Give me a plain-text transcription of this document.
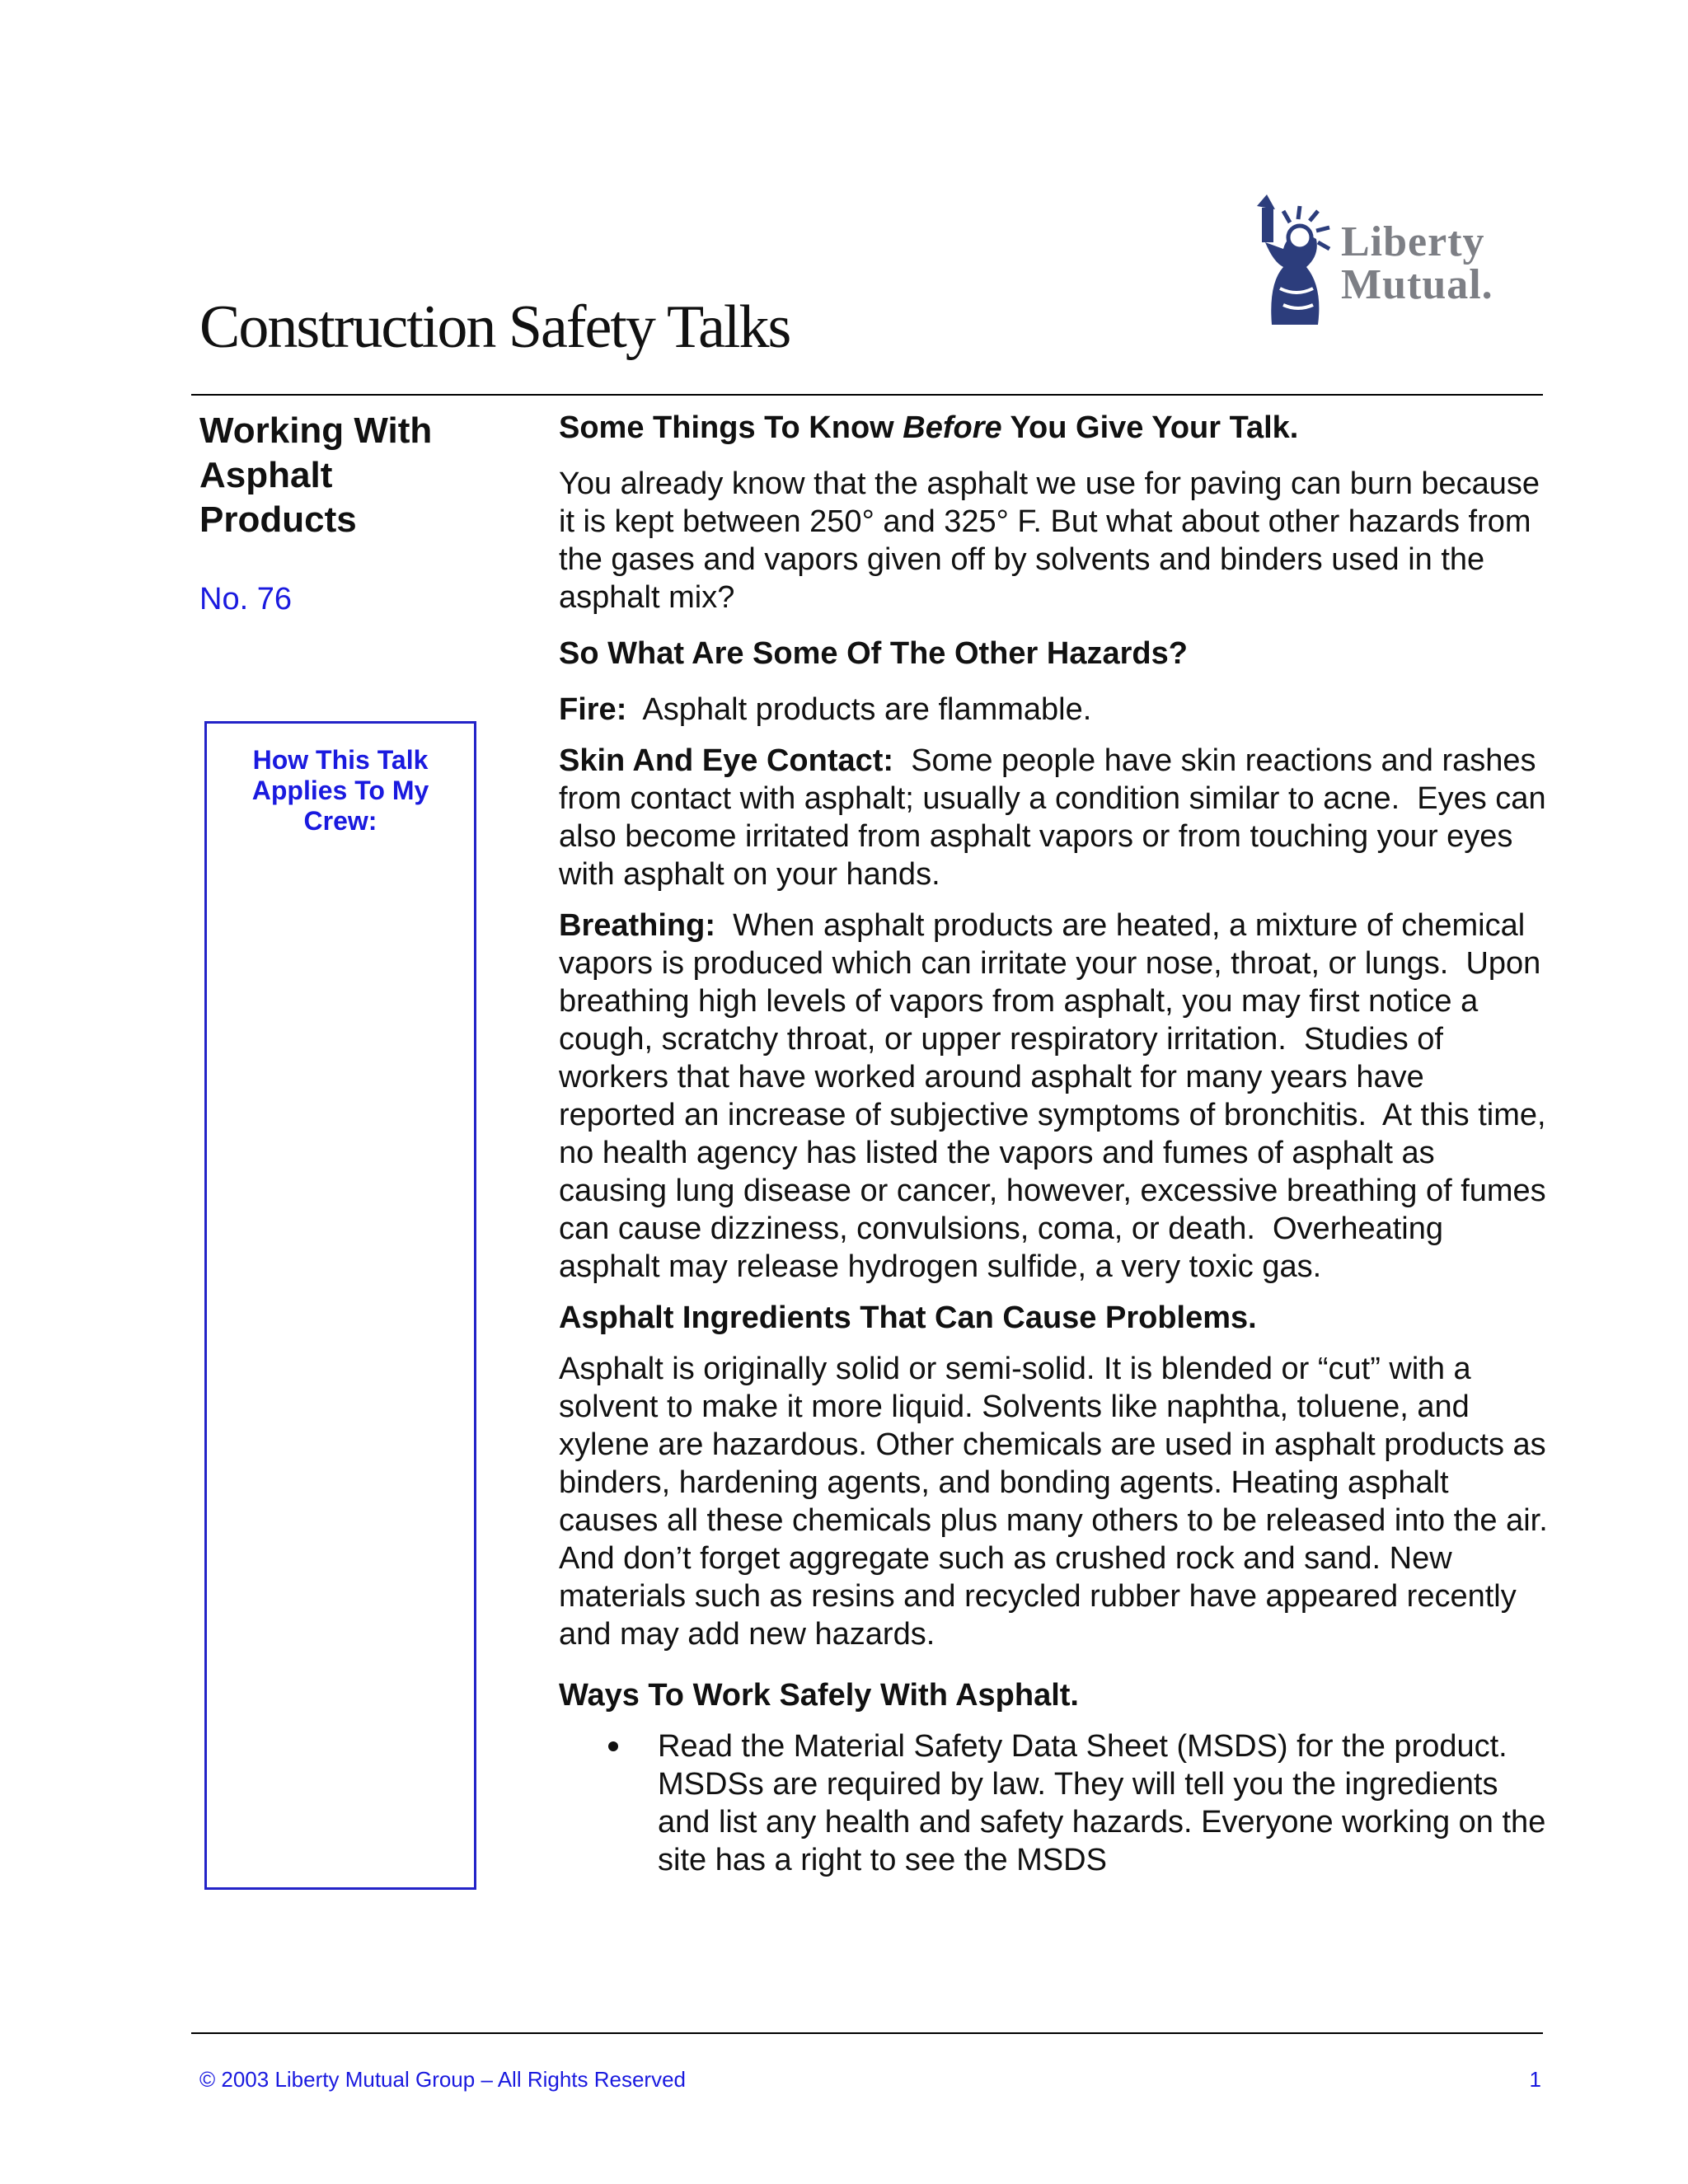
Liberty
Mutual.
Construction Safety Talks
Working With
Asphalt
Products
No. 76
How This Talk
Applies To My
Crew:
Some Things To Know Before You Give Your Talk.

You already know that the asphalt we use for paving can burn because it is kept between 250° and 325° F. But what about other hazards from the gases and vapors given off by solvents and binders used in the asphalt mix?

So What Are Some Of The Other Hazards?

Fire:  Asphalt products are flammable.

Skin And Eye Contact:  Some people have skin reactions and rashes from contact with asphalt; usually a condition similar to acne.  Eyes can also become irritated from asphalt vapors or from touching your eyes with asphalt on your hands.

Breathing:  When asphalt products are heated, a mixture of chemical vapors is produced which can irritate your nose, throat, or lungs.  Upon breathing high levels of vapors from asphalt, you may first notice a cough, scratchy throat, or upper respiratory irritation.  Studies of workers that have worked around asphalt for many years have reported an increase of subjective symptoms of bronchitis.  At this time, no health agency has listed the vapors and fumes of asphalt as causing lung disease or cancer, however, excessive breathing of fumes can cause dizziness, convulsions, coma, or death.  Overheating asphalt may release hydrogen sulfide, a very toxic gas.

Asphalt Ingredients That Can Cause Problems.

Asphalt is originally solid or semi-solid. It is blended or “cut” with a solvent to make it more liquid. Solvents like naphtha, toluene, and xylene are hazardous. Other chemicals are used in asphalt products as binders, hardening agents, and bonding agents. Heating asphalt causes all these chemicals plus many others to be released into the air. And don’t forget aggregate such as crushed rock and sand. New materials such as resins and recycled rubber have appeared recently and may add new hazards.

Ways To Work Safely With Asphalt.
Read the Material Safety Data Sheet (MSDS) for the product. MSDSs are required by law. They will tell you the ingredients and list any health and safety hazards. Everyone working on the site has a right to see the MSDS
© 2003 Liberty Mutual Group – All Rights Reserved	1
